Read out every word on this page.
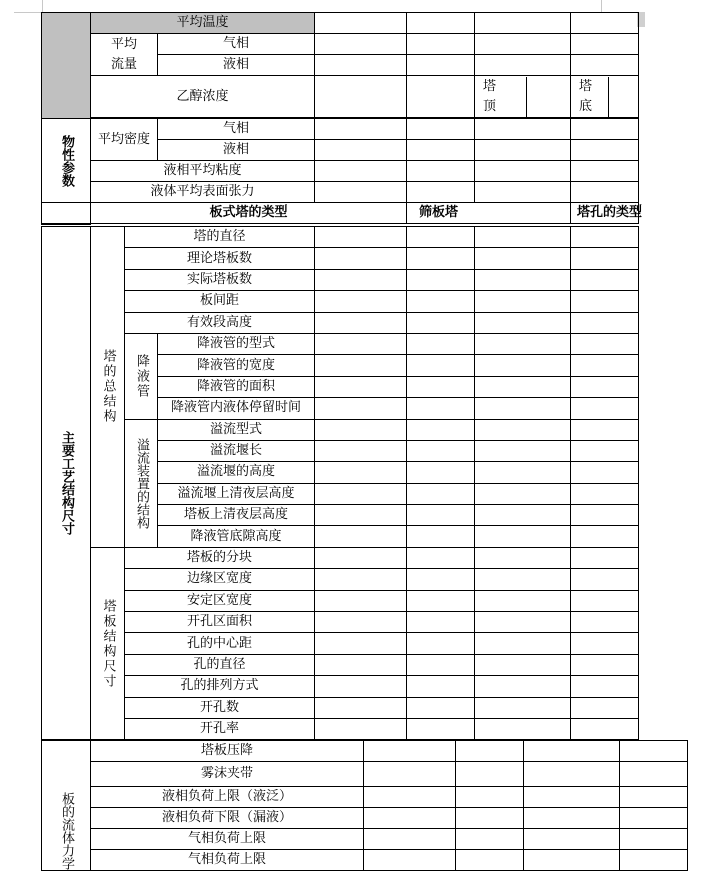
	平均温度					
	平均流量	气相				
		液相				
	乙醇浓度				塔顶	塔底

物性参数	平均密度	气相				
		液相				
	液相平均粘度					
	液体平均表面张力					
	板式塔的类型			筛板塔		塔孔的类型
主要工艺结构尺寸	塔的总结构	塔的直径					
		理论塔板数					
		实际塔板数					
		板间距					
		有效段高度					

		降液管	降液管的型式				
			降液管的宽度				
			降液管的面积				
			降液管内液体停留时间				

		溢流装置的结构	溢流型式				
			溢流堰长				
			溢流堰的高度				
			溢流堰上清夜层高度				
			塔板上清夜层高度				
			降液管底隙高度				

	塔板结构尺寸	塔板的分块					
		边缘区宽度					
		安定区宽度					
		开孔区面积					
		孔的中心距					
		孔的直径					
		孔的排列方式					
		开孔数					
		开孔率					
板的流体力学	塔板压降				
	雾沫夹带				
	液相负荷上限（液泛）				
	液相负荷下限（漏液）				
	气相负荷上限				
	气相负荷上限				
